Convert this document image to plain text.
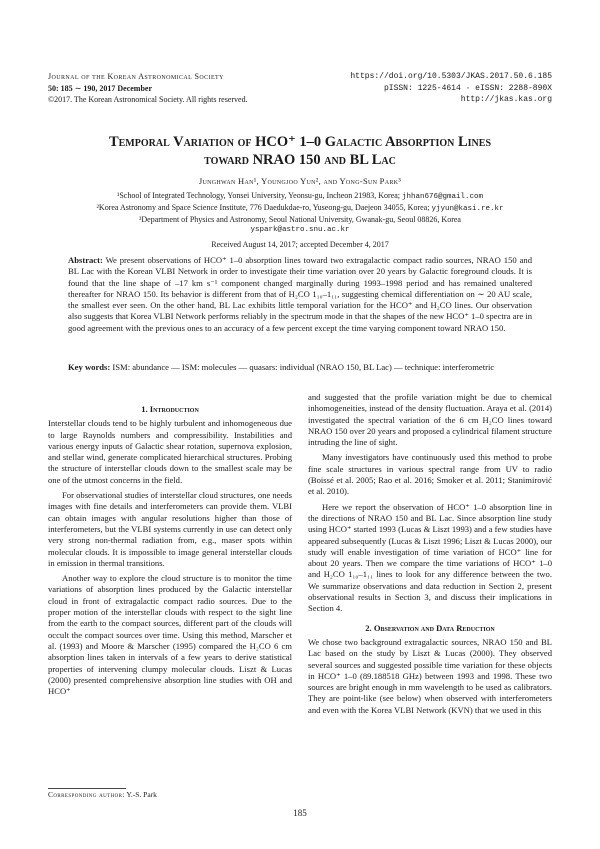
Journal of the Korean Astronomical Society
50: 185 ∼ 190, 2017 December
©2017. The Korean Astronomical Society. All rights reserved.
https://doi.org/10.5303/JKAS.2017.50.6.185
pISSN: 1225-4614 · eISSN: 2288-890X
http://jkas.kas.org
Temporal Variation of HCO⁺ 1–0 Galactic Absorption Lines
toward NRAO 150 and BL Lac
Junghwan Han¹, Youngjoo Yun², and Yong-Sun Park³
¹School of Integrated Technology, Yonsei University, Yeonsu-gu, Incheon 21983, Korea; jhhan676@gmail.com
²Korea Astronomy and Space Science Institute, 776 Daedukdae-ro, Yuseong-gu, Daejeon 34055, Korea; yjyun@kasi.re.kr
³Department of Physics and Astronomy, Seoul National University, Gwanak-gu, Seoul 08826, Korea
yspark@astro.snu.ac.kr
Received August 14, 2017; accepted December 4, 2017
Abstract: We present observations of HCO⁺ 1–0 absorption lines toward two extragalactic compact radio sources, NRAO 150 and BL Lac with the Korean VLBI Network in order to investigate their time variation over 20 years by Galactic foreground clouds. It is found that the line shape of –17 km s⁻¹ component changed marginally during 1993–1998 period and has remained unaltered thereafter for NRAO 150. Its behavior is different from that of H₂CO 1₁₀–1₁₁, suggesting chemical differentiation on ∼ 20 AU scale, the smallest ever seen. On the other hand, BL Lac exhibits little temporal variation for the HCO⁺ and H₂CO lines. Our observation also suggests that Korea VLBI Network performs reliably in the spectrum mode in that the shapes of the new HCO⁺ 1–0 spectra are in good agreement with the previous ones to an accuracy of a few percent except the time varying component toward NRAO 150.
Key words: ISM: abundance — ISM: molecules — quasars: individual (NRAO 150, BL Lac) — technique: interferometric
1. Introduction

Interstellar clouds tend to be highly turbulent and inhomogeneous due to large Raynolds numbers and compressibility. Instabilities and various energy inputs of Galactic shear rotation, supernova explosion, and stellar wind, generate complicated hierarchical structures. Probing the structure of interstellar clouds down to the smallest scale may be one of the utmost concerns in the field.

For observational studies of interstellar cloud structures, one needs images with fine details and interferometers can provide them. VLBI can obtain images with angular resolutions higher than those of interferometers, but the VLBI systems currently in use can detect only very strong non-thermal radiation from, e.g., maser spots within molecular clouds. It is impossible to image general interstellar clouds in emission in thermal transitions.

Another way to explore the cloud structure is to monitor the time variations of absorption lines produced by the Galactic interstellar cloud in front of extragalactic compact radio sources. Due to the proper motion of the interstellar clouds with respect to the sight line from the earth to the compact sources, different part of the clouds will occult the compact sources over time. Using this method, Marscher et al. (1993) and Moore & Marscher (1995) compared the H₂CO 6 cm absorption lines taken in intervals of a few years to derive statistical properties of intervening clumpy molecular clouds. Liszt & Lucas (2000) presented comprehensive absorption line studies with OH and HCO⁺

and suggested that the profile variation might be due to chemical inhomogeneities, instead of the density fluctuation. Araya et al. (2014) investigated the spectral variation of the 6 cm H₂CO lines toward NRAO 150 over 20 years and proposed a cylindrical filament structure intruding the line of sight.

Many investigators have continuously used this method to probe fine scale structures in various spectral range from UV to radio (Boissé et al. 2005; Rao et al. 2016; Smoker et al. 2011; Stanimirović et al. 2010).

Here we report the observation of HCO⁺ 1–0 absorption line in the directions of NRAO 150 and BL Lac. Since absorption line study using HCO⁺ started 1993 (Lucas & Liszt 1993) and a few studies have appeared subsequently (Lucas & Liszt 1996; Liszt & Lucas 2000), our study will enable investigation of time variation of HCO⁺ line for about 20 years. Then we compare the time variations of HCO⁺ 1–0 and H₂CO 1₁₀–1₁₁ lines to look for any difference between the two. We summarize observations and data reduction in Section 2, present observational results in Section 3, and discuss their implications in Section 4.

2. Observation and Data Reduction

We chose two background extragalactic sources, NRAO 150 and BL Lac based on the study by Liszt & Lucas (2000). They observed several sources and suggested possible time variation for these objects in HCO⁺ 1–0 (89.188518 GHz) between 1993 and 1998. These two sources are bright enough in mm wavelength to be used as calibrators. They are point-like (see below) when observed with interferometers and even with the Korea VLBI Network (KVN) that we used in this

Corresponding author: Y.-S. Park
185
